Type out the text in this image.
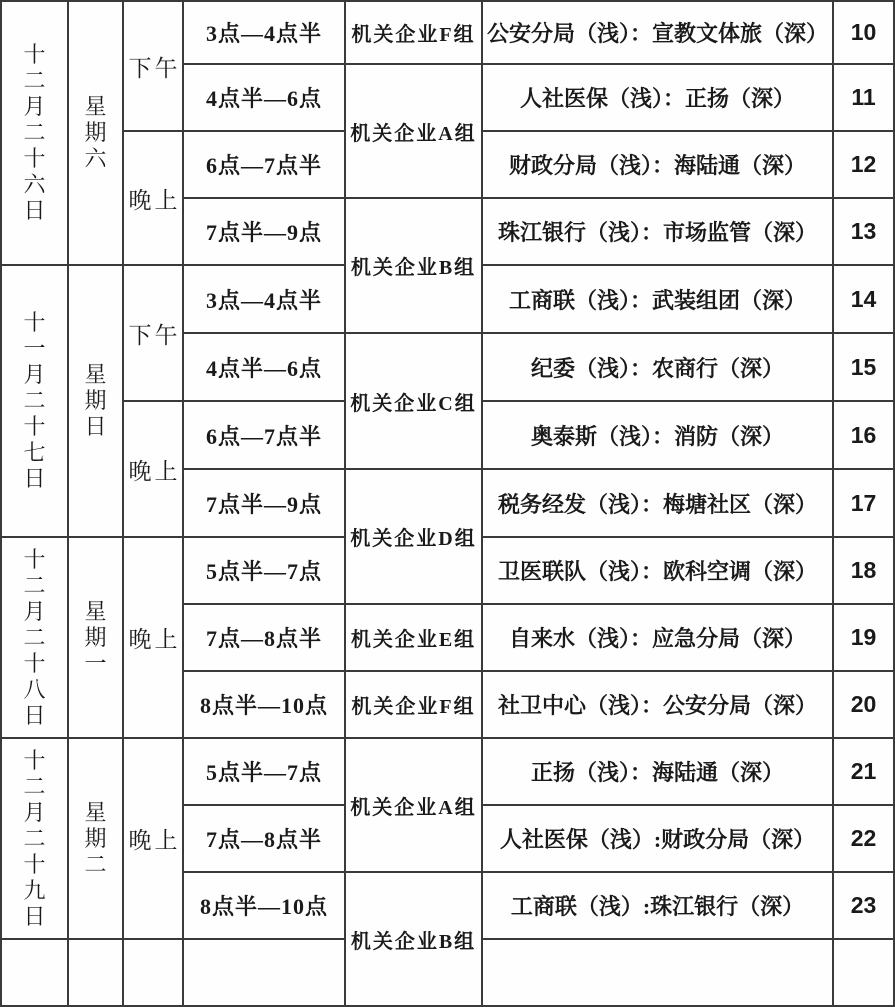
十二月二十六日	星期六	下午	3点—4点半	机关企业F组	公安分局（浅）：宣教文体旅（深）	10
			4点半—6点	机关企业A组	人社医保（浅）：正扬（深）	11
		晚上	6点—7点半		财政分局（浅）：海陆通（深）	12
			7点半—9点	机关企业B组	珠江银行（浅）：市场监管（深）	13

十一月二十七日	星期日	下午	3点—4点半		工商联（浅）：武装组团（深）	14
			4点半—6点	机关企业C组	纪委（浅）：农商行（深）	15
		晚上	6点—7点半		奥泰斯（浅）：消防（深）	16
			7点半—9点	机关企业D组	税务经发（浅）：梅塘社区（深）	17

十二月二十八日	星期一	晚上	5点半—7点		卫医联队（浅）：欧科空调（深）	18
			7点—8点半	机关企业E组	自来水（浅）：应急分局（深）	19
			8点半—10点	机关企业F组	社卫中心（浅）：公安分局（深）	20

十二月二十九日	星期二	晚上	5点半—7点	机关企业A组	正扬（浅）：海陆通（深）	21
			7点—8点半		人社医保（浅）:财政分局（深）	22
			8点半—10点	机关企业B组	工商联（浅）:珠江银行（深）	23
